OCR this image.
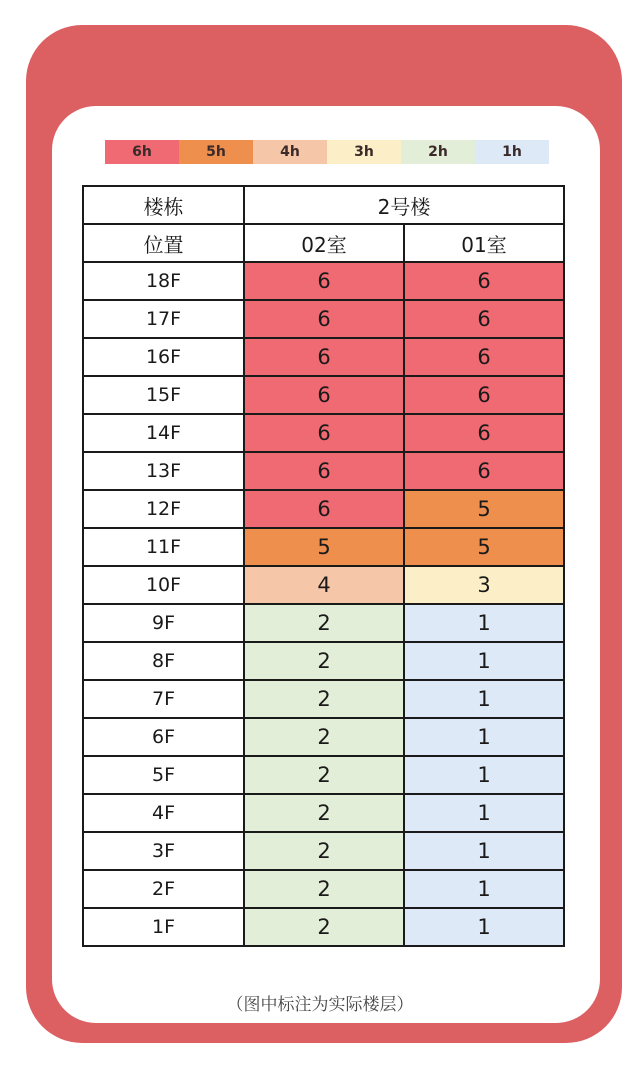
6h	5h	4h	3h	2h	1h
楼栋	2号楼	
位置	02室	01室
18F	6	6
17F	6	6
16F	6	6
15F	6	6
14F	6	6
13F	6	6
12F	6	5
11F	5	5
10F	4	3
9F	2	1
8F	2	1
7F	2	1
6F	2	1
5F	2	1
4F	2	1
3F	2	1
2F	2	1
1F	2	1
（图中标注为实际楼层）
